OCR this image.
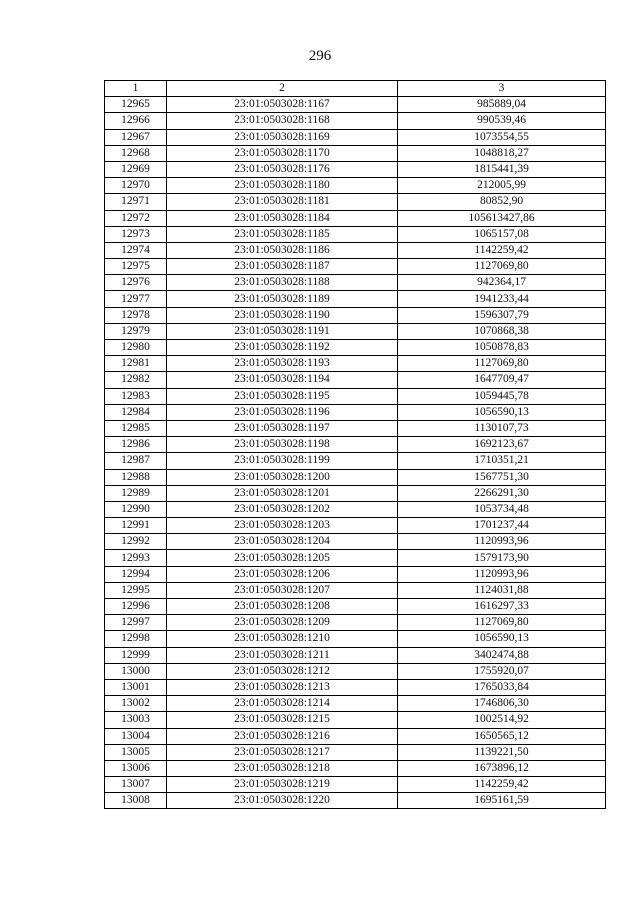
296
1	2	3
12965	23:01:0503028:1167	985889,04
12966	23:01:0503028:1168	990539,46
12967	23:01:0503028:1169	1073554,55
12968	23:01:0503028:1170	1048818,27
12969	23:01:0503028:1176	1815441,39
12970	23:01:0503028:1180	212005,99
12971	23:01:0503028:1181	80852,90
12972	23:01:0503028:1184	105613427,86
12973	23:01:0503028:1185	1065157,08
12974	23:01:0503028:1186	1142259,42
12975	23:01:0503028:1187	1127069,80
12976	23:01:0503028:1188	942364,17
12977	23:01:0503028:1189	1941233,44
12978	23:01:0503028:1190	1596307,79
12979	23:01:0503028:1191	1070868,38
12980	23:01:0503028:1192	1050878,83
12981	23:01:0503028:1193	1127069,80
12982	23:01:0503028:1194	1647709,47
12983	23:01:0503028:1195	1059445,78
12984	23:01:0503028:1196	1056590,13
12985	23:01:0503028:1197	1130107,73
12986	23:01:0503028:1198	1692123,67
12987	23:01:0503028:1199	1710351,21
12988	23:01:0503028:1200	1567751,30
12989	23:01:0503028:1201	2266291,30
12990	23:01:0503028:1202	1053734,48
12991	23:01:0503028:1203	1701237,44
12992	23:01:0503028:1204	1120993,96
12993	23:01:0503028:1205	1579173,90
12994	23:01:0503028:1206	1120993,96
12995	23:01:0503028:1207	1124031,88
12996	23:01:0503028:1208	1616297,33
12997	23:01:0503028:1209	1127069,80
12998	23:01:0503028:1210	1056590,13
12999	23:01:0503028:1211	3402474,88
13000	23:01:0503028:1212	1755920,07
13001	23:01:0503028:1213	1765033,84
13002	23:01:0503028:1214	1746806,30
13003	23:01:0503028:1215	1002514,92
13004	23:01:0503028:1216	1650565,12
13005	23:01:0503028:1217	1139221,50
13006	23:01:0503028:1218	1673896,12
13007	23:01:0503028:1219	1142259,42
13008	23:01:0503028:1220	1695161,59
